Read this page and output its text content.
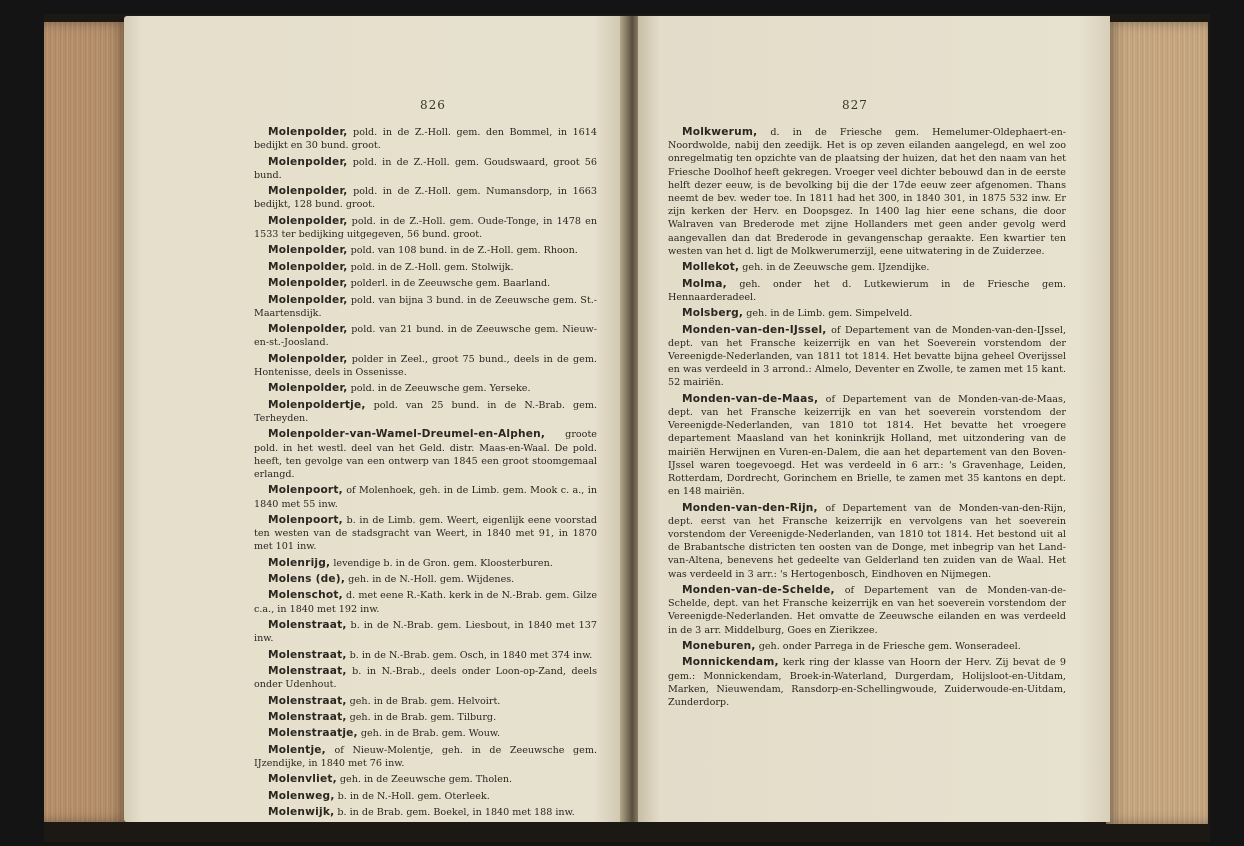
826

Molenpolder, pold. in de Z.-Holl. gem. den Bommel, in 1614 bedijkt en 30 bund. groot.

Molenpolder, pold. in de Z.-Holl. gem. Goudswaard, groot 56 bund.

Molenpolder, pold. in de Z.-Holl. gem. Numansdorp, in 1663 bedijkt, 128 bund. groot.

Molenpolder, pold. in de Z.-Holl. gem. Oude-Tonge, in 1478 en 1533 ter bedijking uitgegeven, 56 bund. groot.

Molenpolder, pold. van 108 bund. in de Z.-Holl. gem. Rhoon.

Molenpolder, pold. in de Z.-Holl. gem. Stolwijk.

Molenpolder, polderl. in de Zeeuwsche gem. Baarland.

Molenpolder, pold. van bijna 3 bund. in de Zeeuwsche gem. St.-Maartensdijk.

Molenpolder, pold. van 21 bund. in de Zeeuwsche gem. Nieuw-en-st.-Joosland.

Molenpolder, polder in Zeel., groot 75 bund., deels in de gem. Hontenisse, deels in Ossenisse.

Molenpolder, pold. in de Zeeuwsche gem. Yerseke.

Molenpoldertje, pold. van 25 bund. in de N.-Brab. gem. Terheyden.

Molenpolder-van-Wamel-Dreumel-en-Alphen, groote pold. in het westl. deel van het Geld. distr. Maas-en-Waal. De pold. heeft, ten gevolge van een ontwerp van 1845 een groot stoomgemaal erlangd.

Molenpoort, of Molenhoek, geh. in de Limb. gem. Mook c. a., in 1840 met 55 inw.

Molenpoort, b. in de Limb. gem. Weert, eigenlijk eene voorstad ten westen van de stadsgracht van Weert, in 1840 met 91, in 1870 met 101 inw.

Molenrijg, levendige b. in de Gron. gem. Kloosterburen.

Molens (de), geh. in de N.-Holl. gem. Wijdenes.

Molenschot, d. met eene R.-Kath. kerk in de N.-Brab. gem. Gilze c.a., in 1840 met 192 inw.

Molenstraat, b. in de N.-Brab. gem. Liesbout, in 1840 met 137 inw.

Molenstraat, b. in de N.-Brab. gem. Osch, in 1840 met 374 inw.

Molenstraat, b. in N.-Brab., deels onder Loon-op-Zand, deels onder Udenhout.

Molenstraat, geh. in de Brab. gem. Helvoirt.

Molenstraat, geh. in de Brab. gem. Tilburg.

Molenstraatje, geh. in de Brab. gem. Wouw.

Molentje, of Nieuw-Molentje, geh. in de Zeeuwsche gem. IJzendijke, in 1840 met 76 inw.

Molenvliet, geh. in de Zeeuwsche gem. Tholen.

Molenweg, b. in de N.-Holl. gem. Oterleek.

Molenwijk, b. in de Brab. gem. Boekel, in 1840 met 188 inw.

827

Molkwerum, d. in de Friesche gem. Hemelumer-Oldephaert-en-Noordwolde, nabij den zeedijk. Het is op zeven eilanden aangelegd, en wel zoo onregelmatig ten opzichte van de plaatsing der huizen, dat het den naam van het Friesche Doolhof heeft gekregen. Vroeger veel dichter bebouwd dan in de eerste helft dezer eeuw, is de bevolking bij die der 17de eeuw zeer afgenomen. Thans neemt de bev. weder toe. In 1811 had het 300, in 1840 301, in 1875 532 inw. Er zijn kerken der Herv. en Doopsgez. In 1400 lag hier eene schans, die door Walraven van Brederode met zijne Hollanders met geen ander gevolg werd aangevallen dan dat Brederode in gevangenschap geraakte. Een kwartier ten westen van het d. ligt de Molkwerumerzijl, eene uitwatering in de Zuiderzee.

Mollekot, geh. in de Zeeuwsche gem. IJzendijke.

Molma, geh. onder het d. Lutkewierum in de Friesche gem. Hennaarderadeel.

Molsberg, geh. in de Limb. gem. Simpelveld.

Monden-van-den-IJssel, of Departement van de Monden-van-den-IJssel, dept. van het Fransche keizerrijk en van het Soeverein vorstendom der Vereenigde-Nederlanden, van 1811 tot 1814. Het bevatte bijna geheel Overijssel en was verdeeld in 3 arrond.: Almelo, Deventer en Zwolle, te zamen met 15 kant. 52 mairiën.

Monden-van-de-Maas, of Departement van de Monden-van-de-Maas, dept. van het Fransche keizerrijk en van het soeverein vorstendom der Vereenigde-Nederlanden, van 1810 tot 1814. Het bevatte het vroegere departement Maasland van het koninkrijk Holland, met uitzondering van de mairiën Herwijnen en Vuren-en-Dalem, die aan het departement van den Boven-IJssel waren toegevoegd. Het was verdeeld in 6 arr.: 's Gravenhage, Leiden, Rotterdam, Dordrecht, Gorinchem en Brielle, te zamen met 35 kantons en dept. en 148 mairiën.

Monden-van-den-Rijn, of Departement van de Monden-van-den-Rijn, dept. eerst van het Fransche keizerrijk en vervolgens van het soeverein vorstendom der Vereenigde-Nederlanden, van 1810 tot 1814. Het bestond uit al de Brabantsche districten ten oosten van de Donge, met inbegrip van het Land-van-Altena, benevens het gedeelte van Gelderland ten zuiden van de Waal. Het was verdeeld in 3 arr.: 's Hertogenbosch, Eindhoven en Nijmegen.

Monden-van-de-Schelde, of Departement van de Monden-van-de-Schelde, dept. van het Fransche keizerrijk en van het soeverein vorstendom der Vereenigde-Nederlanden. Het omvatte de Zeeuwsche eilanden en was verdeeld in de 3 arr. Middelburg, Goes en Zierikzee.

Moneburen, geh. onder Parrega in de Friesche gem. Wonseradeel.

Monnickendam, kerk ring der klasse van Hoorn der Herv. Zij bevat de 9 gem.: Monnickendam, Broek-in-Waterland, Durgerdam, Holijsloot-en-Uitdam, Marken, Nieuwendam, Ransdorp-en-Schellingwoude, Zuiderwoude-en-Uitdam, Zunderdorp.
